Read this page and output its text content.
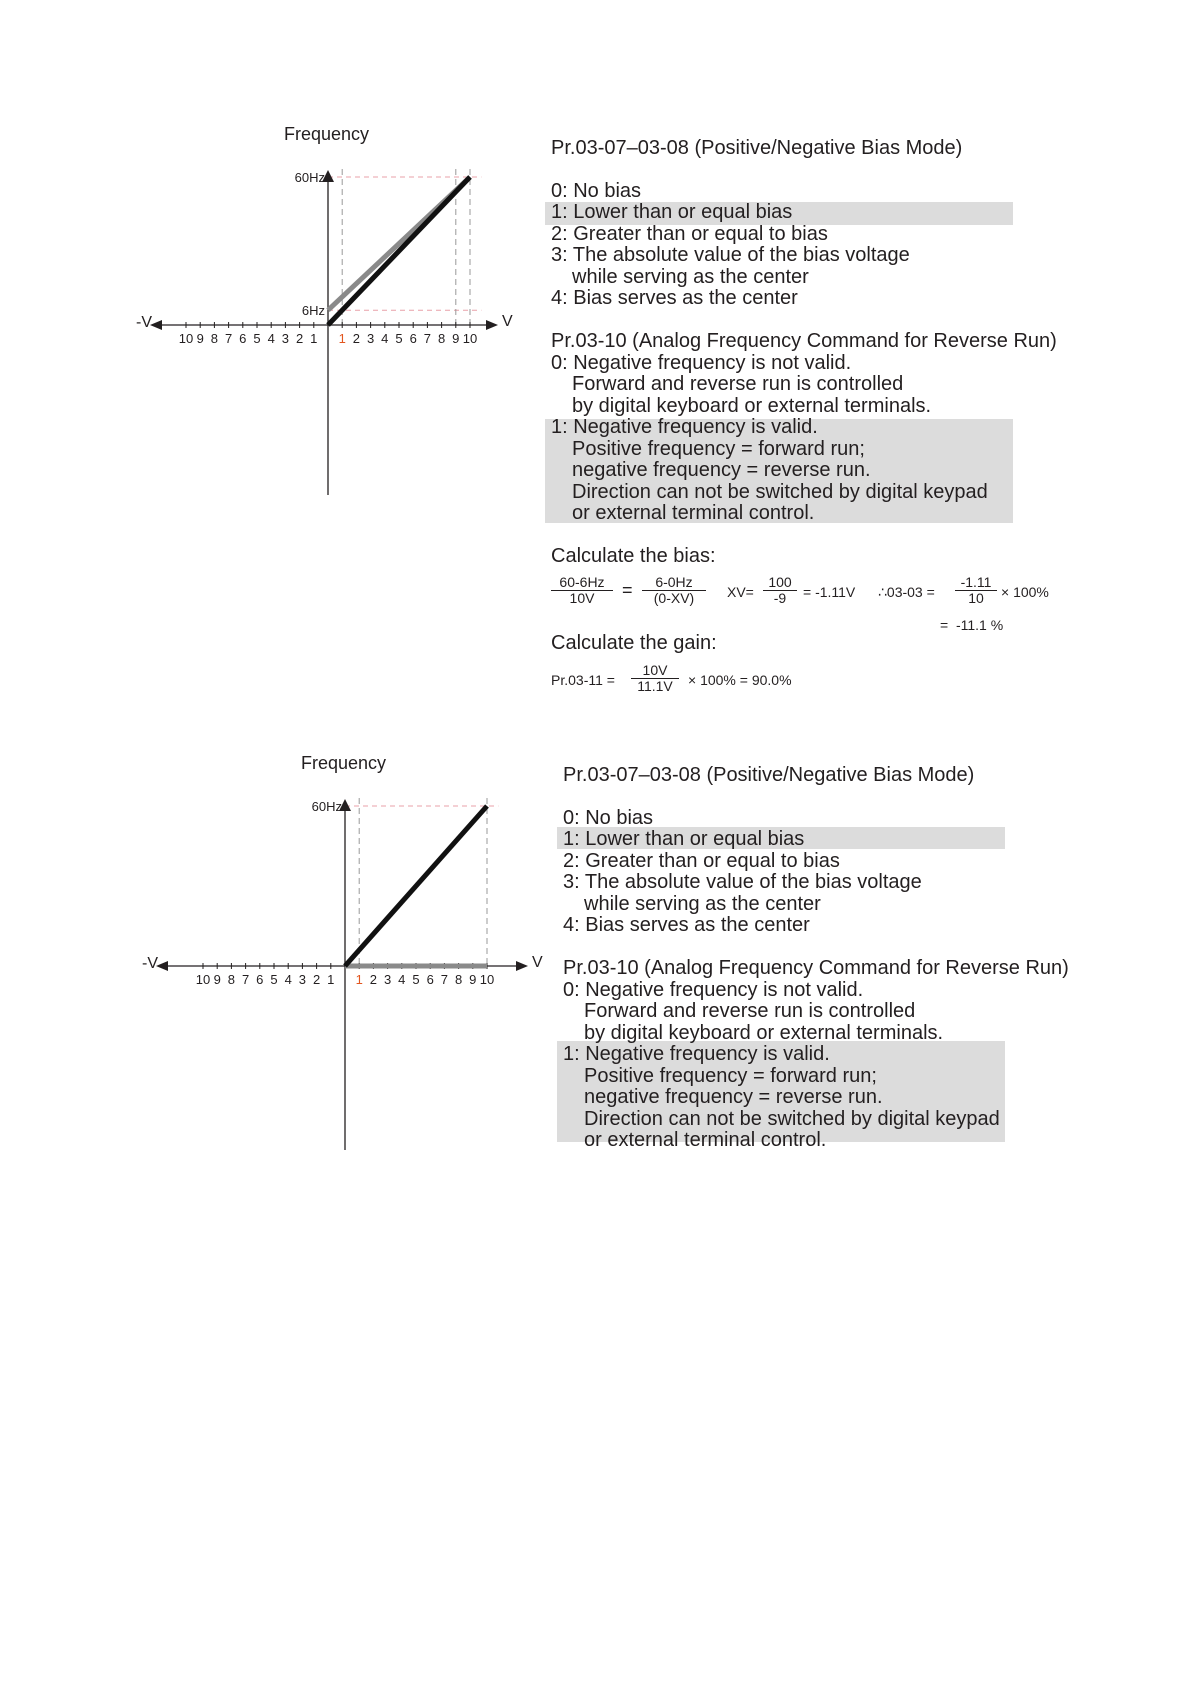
1 2 3 4 5 6 7 8 9 10
10 9 8 7 6 5 4 3 2 1
Frequency
V
-V
60Hz
6Hz
Pr.03-07–03-08 (Positive/Negative Bias Mode)
0: No bias
1: Lower than or equal bias
2: Greater than or equal to bias
3: The absolute value of the bias voltage
while serving as the center
4: Bias serves as the center
Pr.03-10 (Analog Frequency Command for Reverse Run)
0: Negative frequency is not valid.
Forward and reverse run is controlled
by digital keyboard or external terminals.
1: Negative frequency is valid.
Positive frequency = forward run;
negative frequency = reverse run.
Direction can not be switched by digital keypad
or external terminal control.
Calculate the bias:
$\frac{60-6Hz}{10V} = \frac{6-0Hz}{(0-XV)} XV= \frac{100}{-9} = -1.11V$ ∴03-03 = $\frac{-1.11}{10} \times 100\%$
=  -11.1 %
Calculate the gain:
$Pr.03-11 = \frac{10V}{11.1V} \times 100\% = 90.0\%$
1 2 3 4 5 6 7 8 9 10
10 9 8 7 6 5 4 3 2 1
Frequency
V
-V
60Hz
Pr.03-07–03-08 (Positive/Negative Bias Mode)
0: No bias
1: Lower than or equal bias
2: Greater than or equal to bias
3: The absolute value of the bias voltage
while serving as the center
4: Bias serves as the center
Pr.03-10 (Analog Frequency Command for Reverse Run)
0: Negative frequency is not valid.
Forward and reverse run is controlled
by digital keyboard or external terminals.
1: Negative frequency is valid.
Positive frequency = forward run;
negative frequency = reverse run.
Direction can not be switched by digital keypad
or external terminal control.
